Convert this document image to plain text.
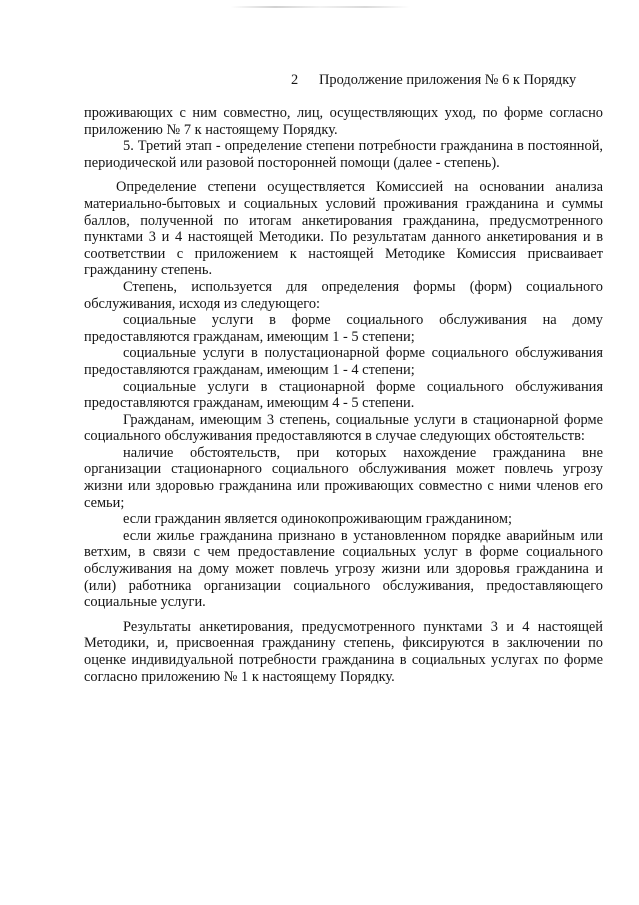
2 Продолжение приложения № 6 к Порядку

проживающих с ним совместно, лиц, осуществляющих уход, по форме согласно приложению № 7 к настоящему Порядку.

5. Третий этап - определение степени потребности гражданина в постоянной, периодической или разовой посторонней помощи (далее - степень).

Определение степени осуществляется Комиссией на основании анализа материально-бытовых и социальных условий проживания гражданина и суммы баллов, полученной по итогам анкетирования гражданина, предусмотренного пунктами 3 и 4 настоящей Методики. По результатам данного анкетирования и в соответствии с приложением к настоящей Методике Комиссия присваивает гражданину степень.

Степень, используется для определения формы (форм) социального обслуживания, исходя из следующего:

социальные услуги в форме социального обслуживания на дому предоставляются гражданам, имеющим 1 - 5 степени;

социальные услуги в полустационарной форме социального обслуживания предоставляются гражданам, имеющим 1 - 4 степени;

социальные услуги в стационарной форме социального обслуживания предоставляются гражданам, имеющим 4 - 5 степени.

Гражданам, имеющим 3 степень, социальные услуги в стационарной форме социального обслуживания предоставляются в случае следующих обстоятельств:

наличие обстоятельств, при которых нахождение гражданина вне организации стационарного социального обслуживания может повлечь угрозу жизни или здоровью гражданина или проживающих совместно с ними членов его семьи;

если гражданин является одинокопроживающим гражданином;

если жилье гражданина признано в установленном порядке аварийным или ветхим, в связи с чем предоставление социальных услуг в форме социального обслуживания на дому может повлечь угрозу жизни или здоровья гражданина и (или) работника организации социального обслуживания, предоставляющего социальные услуги.

Результаты анкетирования, предусмотренного пунктами 3 и 4 настоящей Методики, и, присвоенная гражданину степень, фиксируются в заключении по оценке индивидуальной потребности гражданина в социальных услугах по форме согласно приложению № 1 к настоящему Порядку.
